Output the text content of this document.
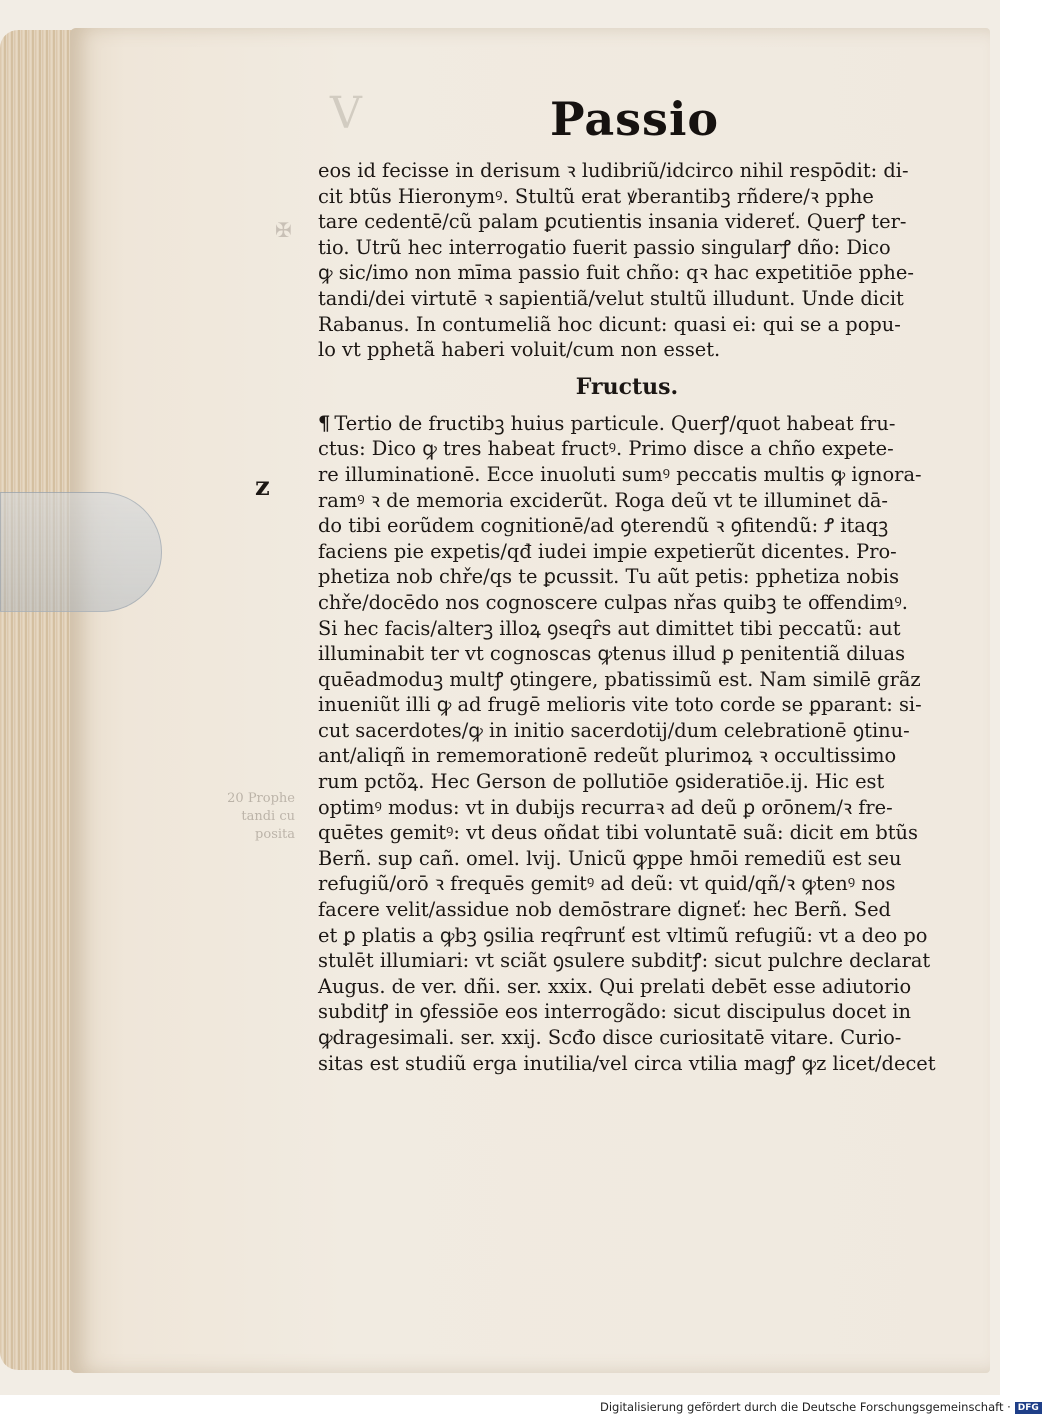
V
✠
Passio
eos id fecisse in derisum ꝛ ludibriũ/idcirco nihil respōdit: di-
cit btũs Hieronymꝰ. Stultũ erat ꝟberantibꝫ rñdere/ꝛ pphe
tare cedentē/cũ palam ꝑcutientis insania videreť. Querꝭ ter-
tio. Utrũ hec interrogatio fuerit passio singularꝭ dño: Dico
ꝙ sic/imo non mīma passio fuit chño: qꝛ hac expetitiōe pphe-
tandi/dei virtutē ꝛ sapientiã/velut stultũ illudunt. Unde dicit
Rabanus. In contumeliã hoc dicunt: quasi ei: qui se a popu-
lo vt pphetã haberi voluit/cum non esset.
Fructus.
¶ Tertio de fructibꝫ huius particule. Querꝭ/quot habeat fru-
ctus: Dico ꝙ tres habeat fructꝰ. Primo disce a chño expete-
re illuminationē. Ecce inuoluti sumꝰ peccatis multis ꝙ ignora-
ramꝰ ꝛ de memoria exciderũt. Roga deũ vt te illuminet dā-
do tibi eorũdem cognitionē/ad ꝯterendũ ꝛ ꝯfitendũ: Ꝭ itaqꝫ
faciens pie expetis/qđ iudei impie expetierũt dicentes. Pro-
phetiza nob chře/qs te ꝑcussit. Tu aũt petis: pphetiza nobis
chře/docēdo nos cognoscere culpas nřas quibꝫ te offendimꝰ.
Si hec facis/alterꝫ illoꝝ ꝯseqȓs aut dimittet tibi peccatũ: aut
illuminabit ter vt cognoscas ꝙtenus illud ꝑ penitentiã diluas
quēadmoduꝫ multꝭ ꝯtingere, pbatissimũ est. Nam similē grãz
inueniũt illi ꝙ ad frugē melioris vite toto corde se ꝑparant: si-
cut sacerdotes/ꝙ in initio sacerdotij/dum celebrationē ꝯtinu-
ant/aliqñ in rememorationē redeũt plurimoꝝ ꝛ occultissimo
rum pctõꝝ. Hec Gerson de pollutiōe ꝯsideratiōe.ij. Hic est
optimꝰ modus: vt in dubijs recurraꝛ ad deũ ꝑ orōnem/ꝛ fre-
quētes gemitꝰ: vt deus oñdat tibi voluntatē suã: dicit em btũs
Berñ. sup cañ. omel. lvij. Unicũ ꝙppe hmōi remediũ est seu
refugiũ/orō ꝛ frequēs gemitꝰ ad deũ: vt quid/qñ/ꝛ ꝙtenꝰ nos
facere velit/assidue nob demōstrare digneť: hec Berñ. Sed
et ꝑ platis a ꝙbꝫ ꝯsilia reqȓrunť est vltimũ refugiũ: vt a deo po
stulēt illumiari: vt sciãt ꝯsulere subditꝭ: sicut pulchre declarat
Augus. de ver. dñi. ser. xxix. Qui prelati debēt esse adiutorio
subditꝭ in ꝯfessiōe eos interrogãdo: sicut discipulus docet in
ꝙdragesimali. ser. xxij. Scđo disce curiositatē vitare. Curio-
sitas est studiũ erga inutilia/vel circa vtilia magꝭ ꝙz licet/decet
z
20 Prophe tandi cu posita
Digitalisierung gefördert durch die Deutsche Forschungsgemeinschaft · DFG
